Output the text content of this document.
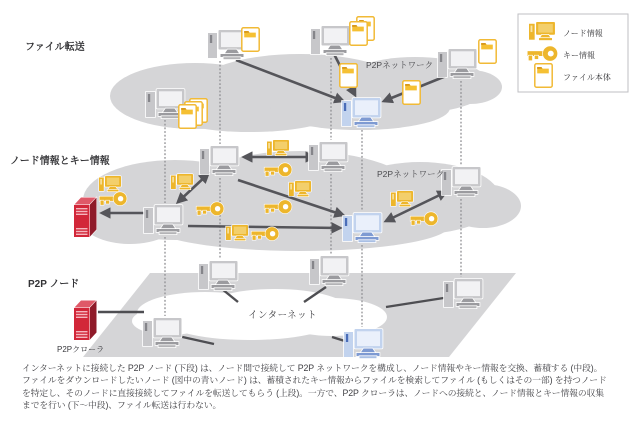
ファイル転送
ノード情報とキー情報
P2P ノード
P2Pネットワーク
P2Pネットワーク
インターネット
P2Pクローラ
ノード情報
キー情報
ファイル本体
インターネットに接続した P2P ノード (下段) は、ノード間で接続して P2P ネットワークを構成し、ノード情報やキー情報を交換、蓄積する (中段)。
ファイルをダウンロードしたいノード (図中の青いノード) は、蓄積されたキー情報からファイルを検索してファイル (もしくはその一部) を持つノード
を特定し、そのノードに直接接続してファイルを転送してもらう (上段)。一方で、P2P クローラは、ノードへの接続と、ノード情報とキー情報の収集
までを行い (下〜中段)、ファイル転送は行わない。
